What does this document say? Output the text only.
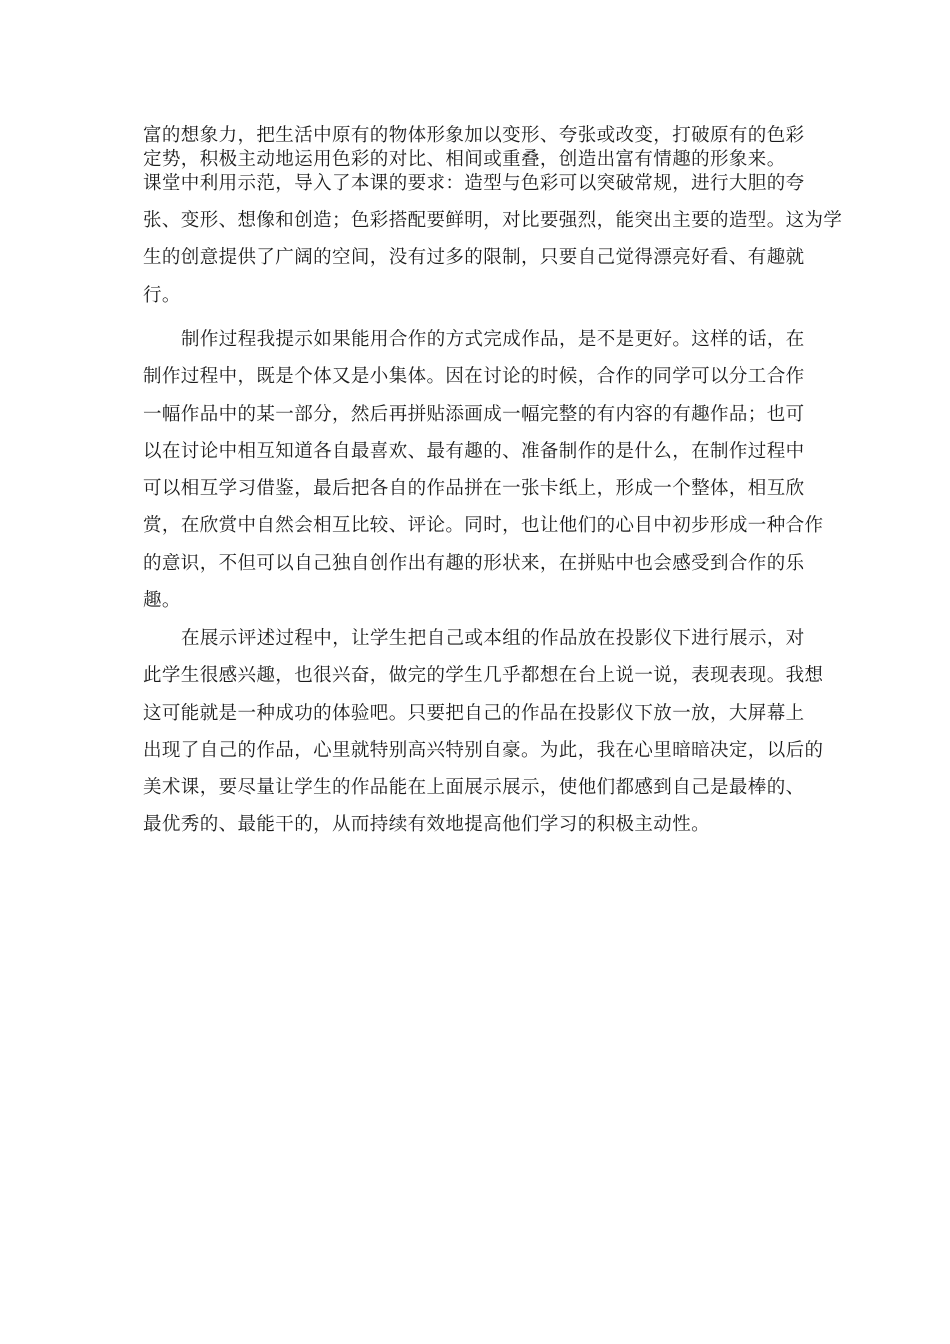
富的想象力，把生活中原有的物体形象加以变形、夸张或改变，打破原有的色彩
定势，积极主动地运用色彩的对比、相间或重叠，创造出富有情趣的形象来。
课堂中利用示范，导入了本课的要求：造型与色彩可以突破常规，进行大胆的夸
张、变形、想像和创造；色彩搭配要鲜明，对比要强烈，能突出主要的造型。这为学
生的创意提供了广阔的空间，没有过多的限制，只要自己觉得漂亮好看、有趣就
行。
制作过程我提示如果能用合作的方式完成作品，是不是更好。这样的话，在
制作过程中，既是个体又是小集体。因在讨论的时候，合作的同学可以分工合作
一幅作品中的某一部分，然后再拼贴添画成一幅完整的有内容的有趣作品；也可
以在讨论中相互知道各自最喜欢、最有趣的、准备制作的是什么，在制作过程中
可以相互学习借鉴，最后把各自的作品拼在一张卡纸上，形成一个整体，相互欣
赏，在欣赏中自然会相互比较、评论。同时，也让他们的心目中初步形成一种合作
的意识，不但可以自己独自创作出有趣的形状来，在拼贴中也会感受到合作的乐
趣。
在展示评述过程中，让学生把自己或本组的作品放在投影仪下进行展示，对
此学生很感兴趣，也很兴奋，做完的学生几乎都想在台上说一说，表现表现。我想
这可能就是一种成功的体验吧。只要把自己的作品在投影仪下放一放，大屏幕上
出现了自己的作品，心里就特别高兴特别自豪。为此，我在心里暗暗决定，以后的
美术课，要尽量让学生的作品能在上面展示展示，使他们都感到自己是最棒的、
最优秀的、最能干的，从而持续有效地提高他们学习的积极主动性。
